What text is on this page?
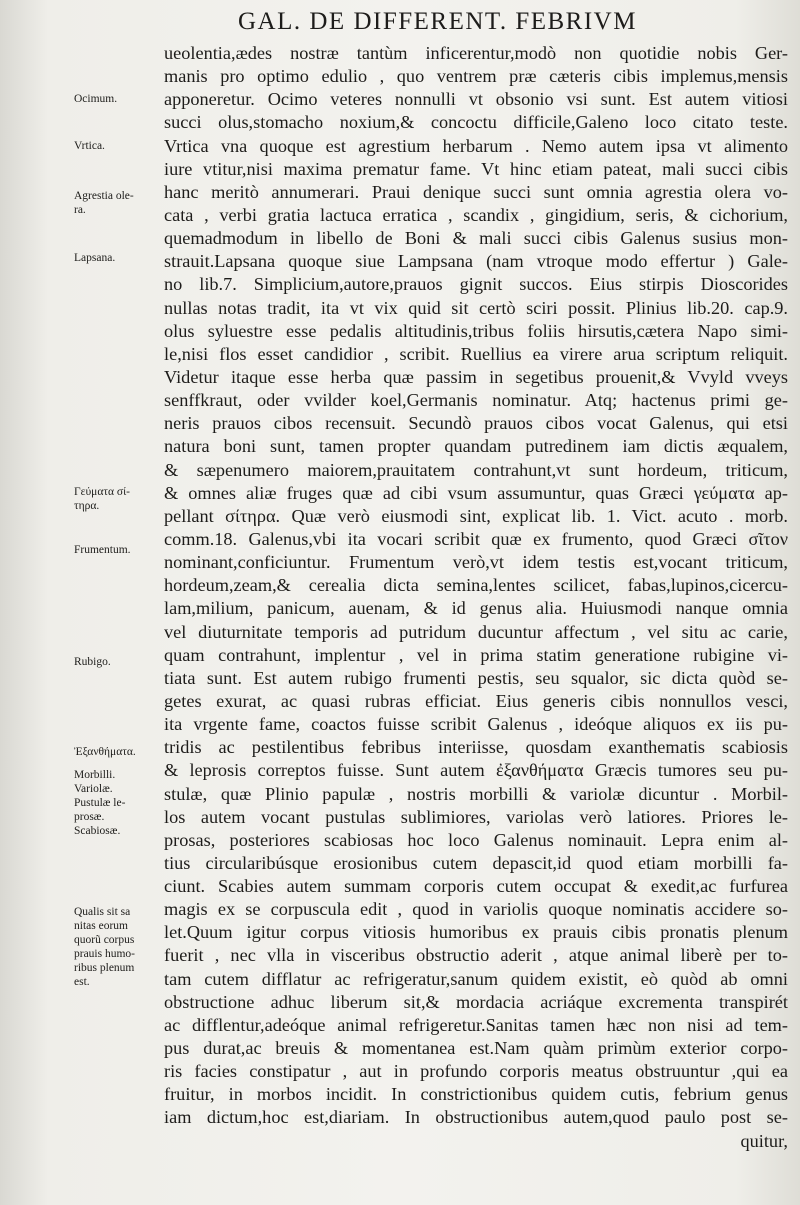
GAL. DE DIFFERENT. FEBRIVM
Ocimum.
Vrtica.
Agrestia ole-
ra.
Lapsana.
Γεύματα σί-
τηρα.
Frumentum.
Rubigo.
Ἐξανθήματα.
Morbilli.
Variolæ.
Pustulæ le-
prosæ.
Scabiosæ.
Qualis sit sa
nitas eorum
quorũ corpus
prauis humo-
ribus plenum
est.
ueolentia,ædes nostræ tantùm inficerentur,modò non quotidie nobis Ger-
manis pro optimo edulio , quo ventrem præ cæteris cibis implemus,mensis
apponeretur. Ocimo veteres nonnulli vt obsonio vsi sunt. Est autem vitiosi
succi olus,stomacho noxium,& concoctu difficile,Galeno loco citato teste.
Vrtica vna quoque est agrestium herbarum . Nemo autem ipsa vt alimento
iure vtitur,nisi maxima prematur fame. Vt hinc etiam pateat, mali succi cibis
hanc meritò annumerari. Praui denique succi sunt omnia agrestia olera vo-
cata , verbi gratia lactuca erratica , scandix , gingidium, seris, & cichorium,
quemadmodum in libello de Boni & mali succi cibis Galenus susius mon-
strauit.Lapsana quoque siue Lampsana (nam vtroque modo effertur ) Gale-
no lib.7. Simplicium,autore,prauos gignit succos. Eius stirpis Dioscorides
nullas notas tradit, ita vt vix quid sit certò sciri possit. Plinius lib.20. cap.9.
olus syluestre esse pedalis altitudinis,tribus foliis hirsutis,cætera Napo simi-
le,nisi flos esset candidior , scribit. Ruellius ea virere arua scriptum reliquit.
Videtur itaque esse herba quæ passim in segetibus prouenit,& Vvyld vveys
senffkraut, oder vvilder koel,Germanis nominatur. Atq; hactenus primi ge-
neris prauos cibos recensuit. Secundò prauos cibos vocat Galenus, qui etsi
natura boni sunt, tamen propter quandam putredinem iam dictis æqualem,
& sæpenumero maiorem,prauitatem contrahunt,vt sunt hordeum, triticum,
& omnes aliæ fruges quæ ad cibi vsum assumuntur, quas Græci γεύματα ap-
pellant σίτηρα. Quæ verò eiusmodi sint, explicat lib. 1. Vict. acuto . morb.
comm.18. Galenus,vbi ita vocari scribit quæ ex frumento, quod Græci σῖτον
nominant,conficiuntur. Frumentum verò,vt idem testis est,vocant triticum,
hordeum,zeam,& cerealia dicta semina,lentes scilicet, fabas,lupinos,cicercu-
lam,milium, panicum, auenam, & id genus alia. Huiusmodi nanque omnia
vel diuturnitate temporis ad putridum ducuntur affectum , vel situ ac carie,
quam contrahunt, implentur , vel in prima statim generatione rubigine vi-
tiata sunt. Est autem rubigo frumenti pestis, seu squalor, sic dicta quòd se-
getes exurat, ac quasi rubras efficiat. Eius generis cibis nonnullos vesci,
ita vrgente fame, coactos fuisse scribit Galenus , ideóque aliquos ex iis pu-
tridis ac pestilentibus febribus interiisse, quosdam exanthematis scabiosis
& leprosis correptos fuisse. Sunt autem ἐξανθήματα Græcis tumores seu pu-
stulæ, quæ Plinio papulæ , nostris morbilli & variolæ dicuntur . Morbil-
los autem vocant pustulas sublimiores, variolas verò latiores. Priores le-
prosas, posteriores scabiosas hoc loco Galenus nominauit. Lepra enim al-
tius circularibúsque erosionibus cutem depascit,id quod etiam morbilli fa-
ciunt. Scabies autem summam corporis cutem occupat & exedit,ac furfurea
magis ex se corpuscula edit , quod in variolis quoque nominatis accidere so-
let.Quum igitur corpus vitiosis humoribus ex prauis cibis pronatis plenum
fuerit , nec vlla in visceribus obstructio aderit , atque animal liberè per to-
tam cutem difflatur ac refrigeratur,sanum quidem existit, eò quòd ab omni
obstructione adhuc liberum sit,& mordacia acriáque excrementa transpirét
ac difflentur,adeóque animal refrigeretur.Sanitas tamen hæc non nisi ad tem-
pus durat,ac breuis & momentanea est.Nam quàm primùm exterior corpo-
ris facies constipatur , aut in profundo corporis meatus obstruuntur ,qui ea
fruitur, in morbos incidit. In constrictionibus quidem cutis, febrium genus
iam dictum,hoc est,diariam. In obstructionibus autem,quod paulo post se-
quitur,
